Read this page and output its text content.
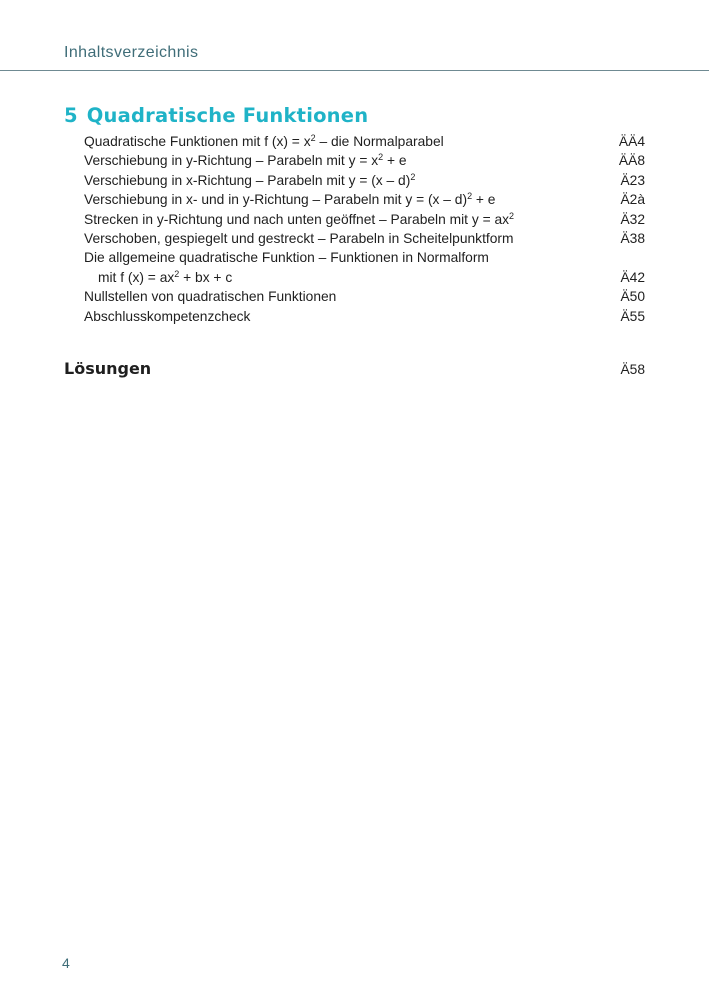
Inhaltsverzeichnis
5 Quadratische Funktionen
Quadratische Funktionen mit f $(x) = x^2$ – die Normalparabel	ÄÄ4
Verschiebung in y-Richtung – Parabeln mit $y = x^2 + e$	ÄÄ8
Verschiebung in x-Richtung – Parabeln mit y = (x – d)$^2$	Ä23
Verschiebung in x- und in y-Richtung – Parabeln mit y = (x – d)$^2$ + e	Ä2à
Strecken in y-Richtung und nach unten geöffnet – Parabeln mit $y = ax^2$	Ä32
Verschoben, gespiegelt und gestreckt – Parabeln in Scheitelpunktform	Ä38
Die allgemeine quadratische Funktion – Funktionen in Normalform
mit f $(x) = ax^2$ + bx + c	Ä42
Nullstellen von quadratischen Funktionen	Ä50
Abschlusskompetenzcheck	Ä55
Lösungen	Ä58
4
